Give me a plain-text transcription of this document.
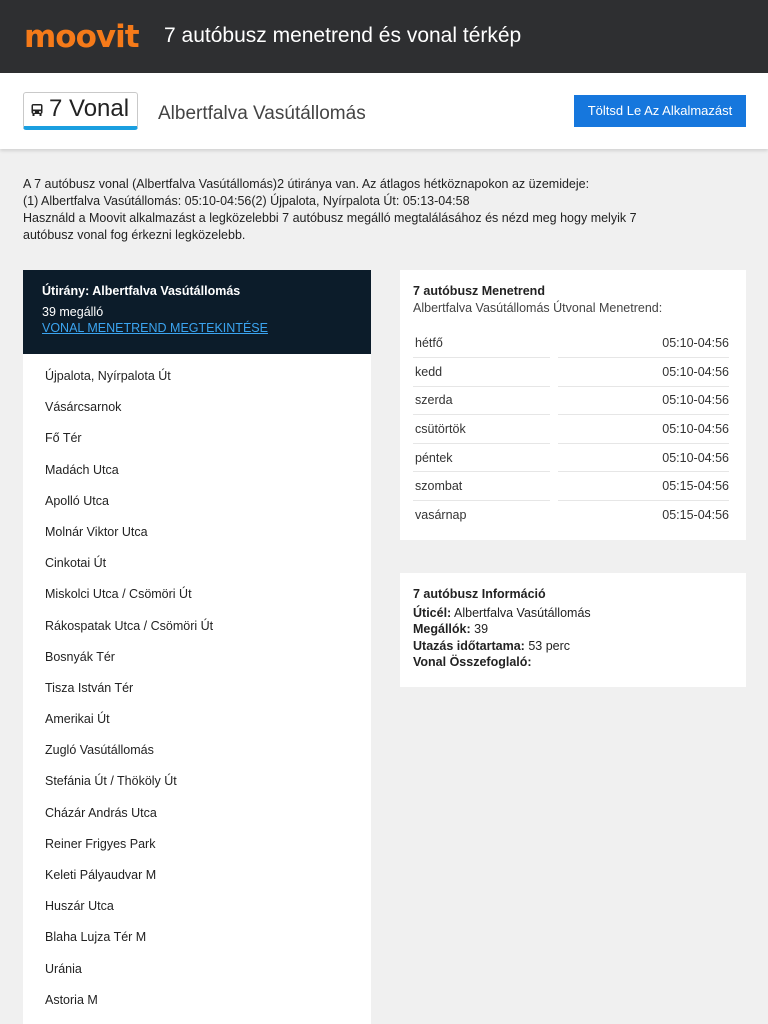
moovit 7 autóbusz menetrend és vonal térkép
7 Vonal Albertfalva Vasútállomás	Töltsd Le Az Alkalmazást

A 7 autóbusz vonal (Albertfalva Vasútállomás)2 útiránya van. Az átlagos hétköznapokon az üzemideje:

(1) Albertfalva Vasútállomás: 05:10-04:56(2) Újpalota, Nyírpalota Út: 05:13-04:58

Használd a Moovit alkalmazást a legközelebbi 7 autóbusz megálló megtalálásához és nézd meg hogy melyik 7

autóbusz vonal fog érkezni legközelebb.

Útirány: Albertfalva Vasútállomás
39 megálló
VONAL MENETREND MEGTEKINTÉSE
Újpalota, Nyírpalota Út
Vásárcsarnok
Fő Tér
Madách Utca
Apolló Utca
Molnár Viktor Utca
Cinkotai Út
Miskolci Utca / Csömöri Út
Rákospatak Utca / Csömöri Út
Bosnyák Tér
Tisza István Tér
Amerikai Út
Zugló Vasútállomás
Stefánia Út / Thököly Út
Cházár András Utca
Reiner Frigyes Park
Keleti Pályaudvar M
Huszár Utca
Blaha Lujza Tér M
Uránia
Astoria M
7 autóbusz Menetrend
Albertfalva Vasútállomás Útvonal Menetrend:
hétfő		05:10-04:56
kedd		05:10-04:56
szerda		05:10-04:56
csütörtök		05:10-04:56
péntek		05:10-04:56
szombat		05:15-04:56
vasárnap		05:15-04:56
7 autóbusz Információ
Úticél: Albertfalva Vasútállomás
Megállók: 39
Utazás időtartama: 53 perc
Vonal Összefoglaló:
